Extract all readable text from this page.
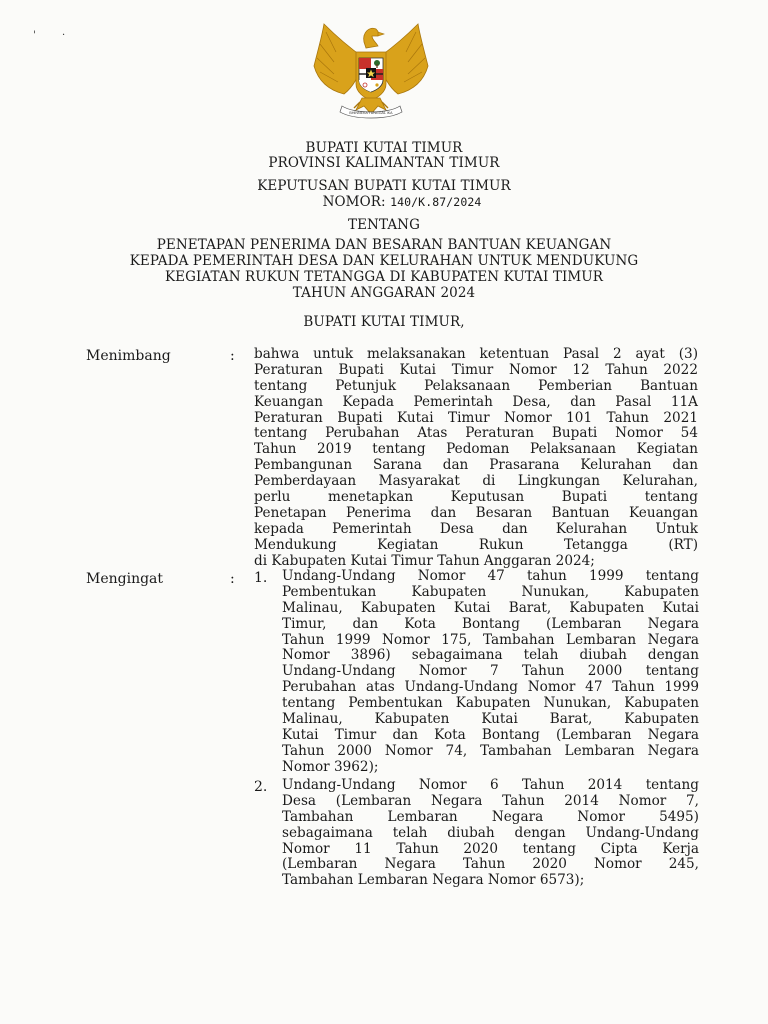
'	·
BHINNEKA TUNGGAL IKA
BUPATI KUTAI TIMUR
PROVINSI KALIMANTAN TIMUR
KEPUTUSAN BUPATI KUTAI TIMUR
NOMOR: 140/K.87/2024
TENTANG
PENETAPAN PENERIMA DAN BESARAN BANTUAN KEUANGAN
KEPADA PEMERINTAH DESA DAN KELURAHAN UNTUK MENDUKUNG
KEGIATAN RUKUN TETANGGA DI KABUPATEN KUTAI TIMUR
TAHUN ANGGARAN 2024
BUPATI KUTAI TIMUR,
Menimbang	: bahwa untuk melaksanakan ketentuan Pasal 2 ayat (3)
Peraturan Bupati Kutai Timur Nomor 12 Tahun 2022
tentang Petunjuk Pelaksanaan Pemberian Bantuan
Keuangan Kepada Pemerintah Desa, dan Pasal 11A
Peraturan Bupati Kutai Timur Nomor 101 Tahun 2021
tentang Perubahan Atas Peraturan Bupati Nomor 54
Tahun 2019 tentang Pedoman Pelaksanaan Kegiatan
Pembangunan Sarana dan Prasarana Kelurahan dan
Pemberdayaan Masyarakat di Lingkungan Kelurahan,
perlu menetapkan Keputusan Bupati tentang
Penetapan Penerima dan Besaran Bantuan Keuangan
kepada Pemerintah Desa dan Kelurahan Untuk
Mendukung Kegiatan Rukun Tetangga (RT)
di Kabupaten Kutai Timur Tahun Anggaran 2024;
Mengingat	: 1. Undang-Undang Nomor 47 tahun 1999 tentang
Pembentukan Kabupaten Nunukan, Kabupaten
Malinau, Kabupaten Kutai Barat, Kabupaten Kutai
Timur, dan Kota Bontang (Lembaran Negara
Tahun 1999 Nomor 175, Tambahan Lembaran Negara
Nomor 3896) sebagaimana telah diubah dengan
Undang-Undang Nomor 7 Tahun 2000 tentang
Perubahan atas Undang-Undang Nomor 47 Tahun 1999
tentang Pembentukan Kabupaten Nunukan, Kabupaten
Malinau, Kabupaten Kutai Barat, Kabupaten
Kutai Timur dan Kota Bontang (Lembaran Negara
Tahun 2000 Nomor 74, Tambahan Lembaran Negara
Nomor 3962);
2. Undang-Undang Nomor 6 Tahun 2014 tentang
Desa (Lembaran Negara Tahun 2014 Nomor 7,
Tambahan Lembaran Negara Nomor 5495)
sebagaimana telah diubah dengan Undang-Undang
Nomor 11 Tahun 2020 tentang Cipta Kerja
(Lembaran Negara Tahun 2020 Nomor 245,
Tambahan Lembaran Negara Nomor 6573);
